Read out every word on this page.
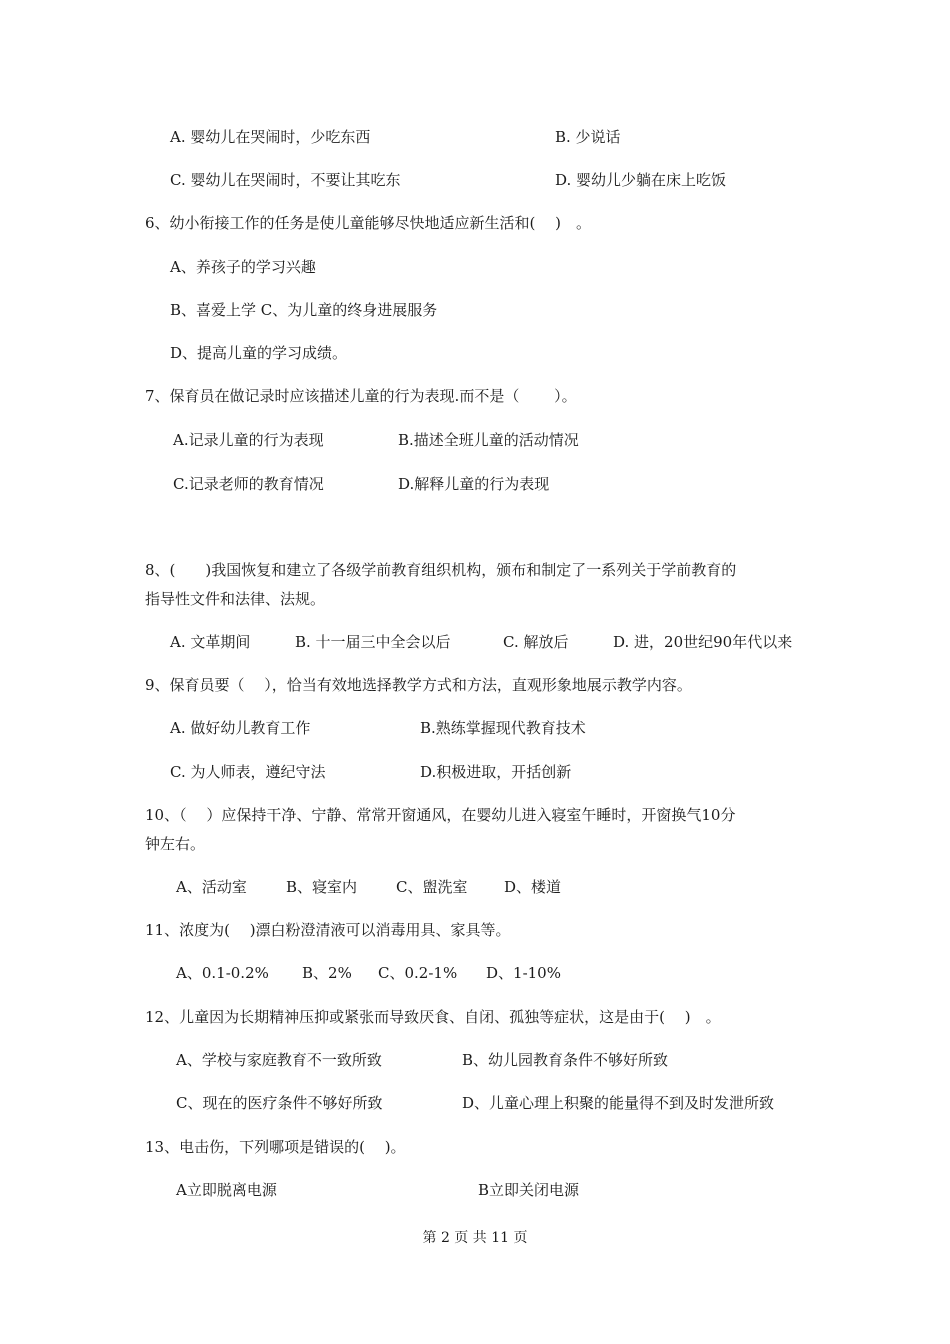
A. 婴幼儿在哭闹时，少吃东西	B. 少说话
C. 婴幼儿在哭闹时，不要让其吃东	D. 婴幼儿少躺在床上吃饭
6、幼小衔接工作的任务是使儿童能够尽快地适应新生活和(　 )　。
A、养孩子的学习兴趣
B、喜爱上学 C、为儿童的终身进展服务
D、提高儿童的学习成绩。
7、保育员在做记录时应该描述儿童的行为表现.而不是（　　 ）。
A.记录儿童的行为表现	B.描述全班儿童的活动情况
C.记录老师的教育情况	D.解释儿童的行为表现
8、(　　)我国恢复和建立了各级学前教育组织机构，颁布和制定了一系列关于学前教育的
指导性文件和法律、法规。
A. 文革期间	B. 十一届三中全会以后	C. 解放后	D. 进，20世纪90年代以来
9、保育员要（　 ），恰当有效地选择教学方式和方法，直观形象地展示教学内容。
A. 做好幼儿教育工作	B.熟练掌握现代教育技术
C. 为人师表，遵纪守法	D.积极进取，开括创新
10、（　 ）应保持干净、宁静、常常开窗通风，在婴幼儿进入寝室午睡时，开窗换气10分
钟左右。
A、活动室	B、寝室内	C、盥洗室 D、楼道
11、浓度为(　 )漂白粉澄清液可以消毒用具、家具等。
A、0.1-0.2% B、2% C、0.2-1% D、1-10%
12、儿童因为长期精神压抑或紧张而导致厌食、自闭、孤独等症状，这是由于(　 )　。
A、学校与家庭教育不一致所致	B、幼儿园教育条件不够好所致
C、现在的医疗条件不够好所致	D、儿童心理上积聚的能量得不到及时发泄所致
13、电击伤，下列哪项是错误的(　 )。
A立即脱离电源	B立即关闭电源
第 2 页 共 11 页
